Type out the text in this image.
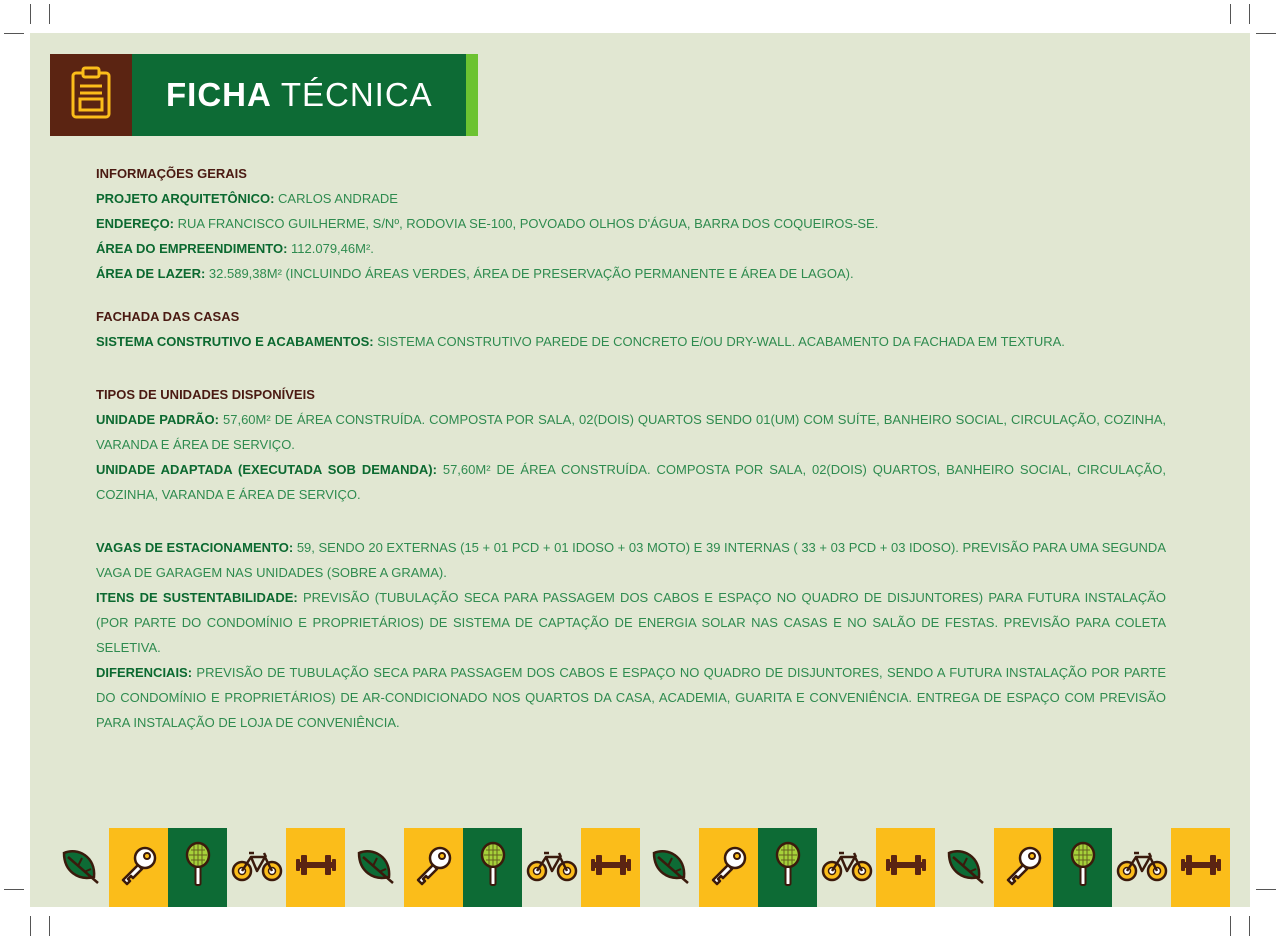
FICHA TÉCNICA

INFORMAÇÕES GERAIS

PROJETO ARQUITETÔNICO: CARLOS ANDRADE

ENDEREÇO: RUA FRANCISCO GUILHERME, S/Nº, RODOVIA SE-100, POVOADO OLHOS D'ÁGUA, BARRA DOS COQUEIROS-SE.

ÁREA DO EMPREENDIMENTO: 112.079,46M².

ÁREA DE LAZER: 32.589,38M² (INCLUINDO ÁREAS VERDES, ÁREA DE PRESERVAÇÃO PERMANENTE E ÁREA DE LAGOA).

FACHADA DAS CASAS

SISTEMA CONSTRUTIVO E ACABAMENTOS: SISTEMA CONSTRUTIVO PAREDE DE CONCRETO E/OU DRY-WALL. ACABAMENTO DA FACHADA EM TEXTURA.

TIPOS DE UNIDADES DISPONÍVEIS

UNIDADE PADRÃO: 57,60M² DE ÁREA CONSTRUÍDA. COMPOSTA POR SALA, 02(DOIS) QUARTOS SENDO 01(UM) COM SUÍTE, BANHEIRO SOCIAL, CIRCULAÇÃO, COZINHA, VARANDA E ÁREA DE SERVIÇO.

UNIDADE ADAPTADA (EXECUTADA SOB DEMANDA): 57,60M² DE ÁREA CONSTRUÍDA. COMPOSTA POR SALA, 02(DOIS) QUARTOS, BANHEIRO SOCIAL, CIRCULAÇÃO, COZINHA, VARANDA E ÁREA DE SERVIÇO.

VAGAS DE ESTACIONAMENTO: 59, SENDO 20 EXTERNAS (15 + 01 PCD + 01 IDOSO + 03 MOTO) E 39 INTERNAS ( 33 + 03 PCD + 03 IDOSO). PREVISÃO PARA UMA SEGUNDA VAGA DE GARAGEM NAS UNIDADES (SOBRE A GRAMA).

ITENS DE SUSTENTABILIDADE: PREVISÃO (TUBULAÇÃO SECA PARA PASSAGEM DOS CABOS E ESPAÇO NO QUADRO DE DISJUNTORES) PARA FUTURA INSTALAÇÃO (POR PARTE DO CONDOMÍNIO E PROPRIETÁRIOS) DE SISTEMA DE CAPTAÇÃO DE ENERGIA SOLAR NAS CASAS E NO SALÃO DE FESTAS. PREVISÃO PARA COLETA SELETIVA.

DIFERENCIAIS: PREVISÃO DE TUBULAÇÃO SECA PARA PASSAGEM DOS CABOS E ESPAÇO NO QUADRO DE DISJUNTORES, SENDO A FUTURA INSTALAÇÃO POR PARTE DO CONDOMÍNIO E PROPRIETÁRIOS) DE AR-CONDICIONADO NOS QUARTOS DA CASA, ACADEMIA, GUARITA E CONVENIÊNCIA. ENTREGA DE ESPAÇO COM PREVISÃO PARA INSTALAÇÃO DE LOJA DE CONVENIÊNCIA.
